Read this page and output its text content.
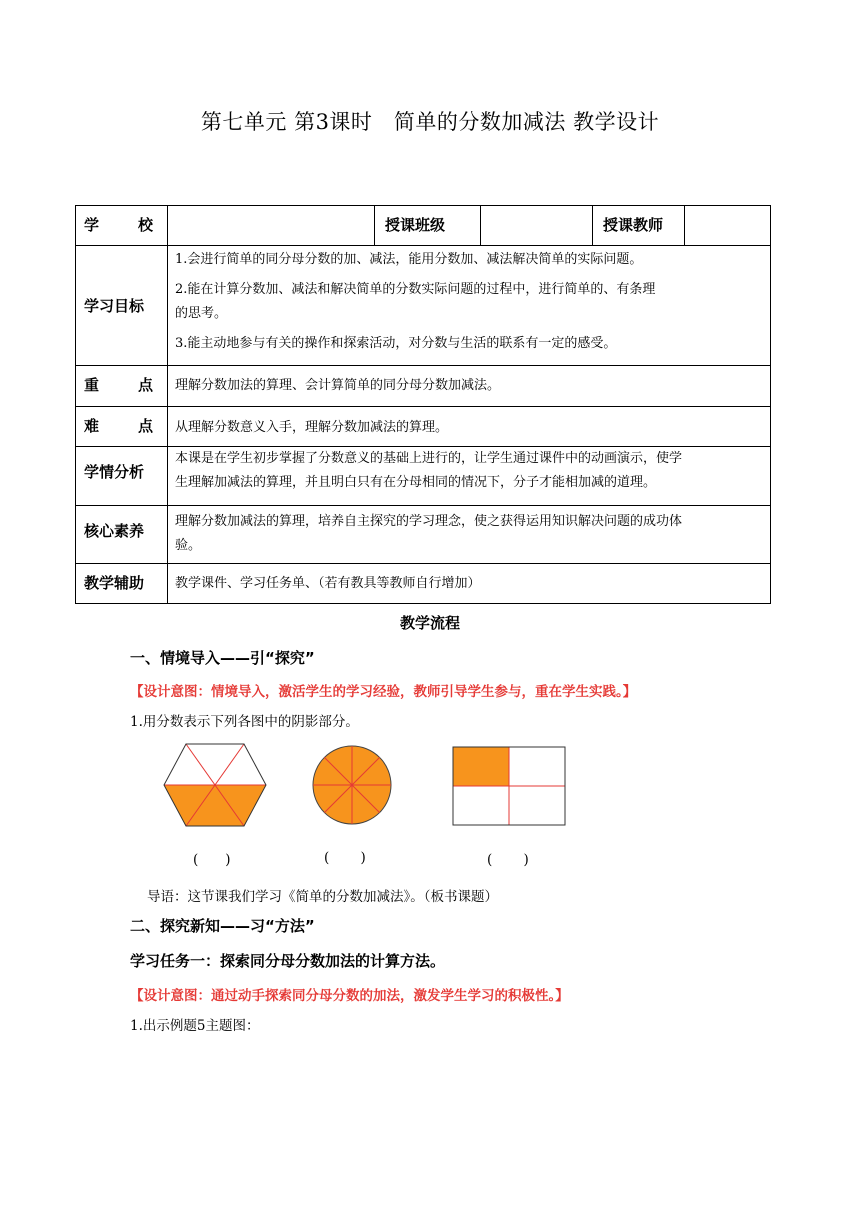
第七单元 第3课时　简单的分数加减法 教学设计
学 校		授课班级		授课教师	
学习目标	1.会进行简单的同分母分数的加、减法，能用分数加、减法解决简单的实际问题。
2.能在计算分数加、减法和解决简单的分数实际问题的过程中，进行简单的、有条理
的思考。
3.能主动地参与有关的操作和探索活动，对分数与生活的联系有一定的感受。				

重 点	理解分数加法的算理、会计算简单的同分母分数加减法。				

难 点	从理解分数意义入手，理解分数加减法的算理。				
学情分析	本课是在学生初步掌握了分数意义的基础上进行的，让学生通过课件中的动画演示，使学
生理解加减法的算理，并且明白只有在分母相同的情况下，分子才能相加减的道理。				

核心素养	理解分数加减法的算理，培养自主探究的学习理念，使之获得运用知识解决问题的成功体
验。				

教学辅助	教学课件、学习任务单、（若有教具等教师自行增加）				
教学流程
一、情境导入——引“探究”
【设计意图：情境导入，激活学生的学习经验，教师引导学生参与，重在学生实践。】
1.用分数表示下列各图中的阴影部分。
(　　)	(　　 )	(　　 )
导语：这节课我们学习《简单的分数加减法》。（板书课题）
二、探究新知——习“方法”
学习任务一：探索同分母分数加法的计算方法。
【设计意图：通过动手探索同分母分数的加法，激发学生学习的积极性。】
1.出示例题5主题图：
